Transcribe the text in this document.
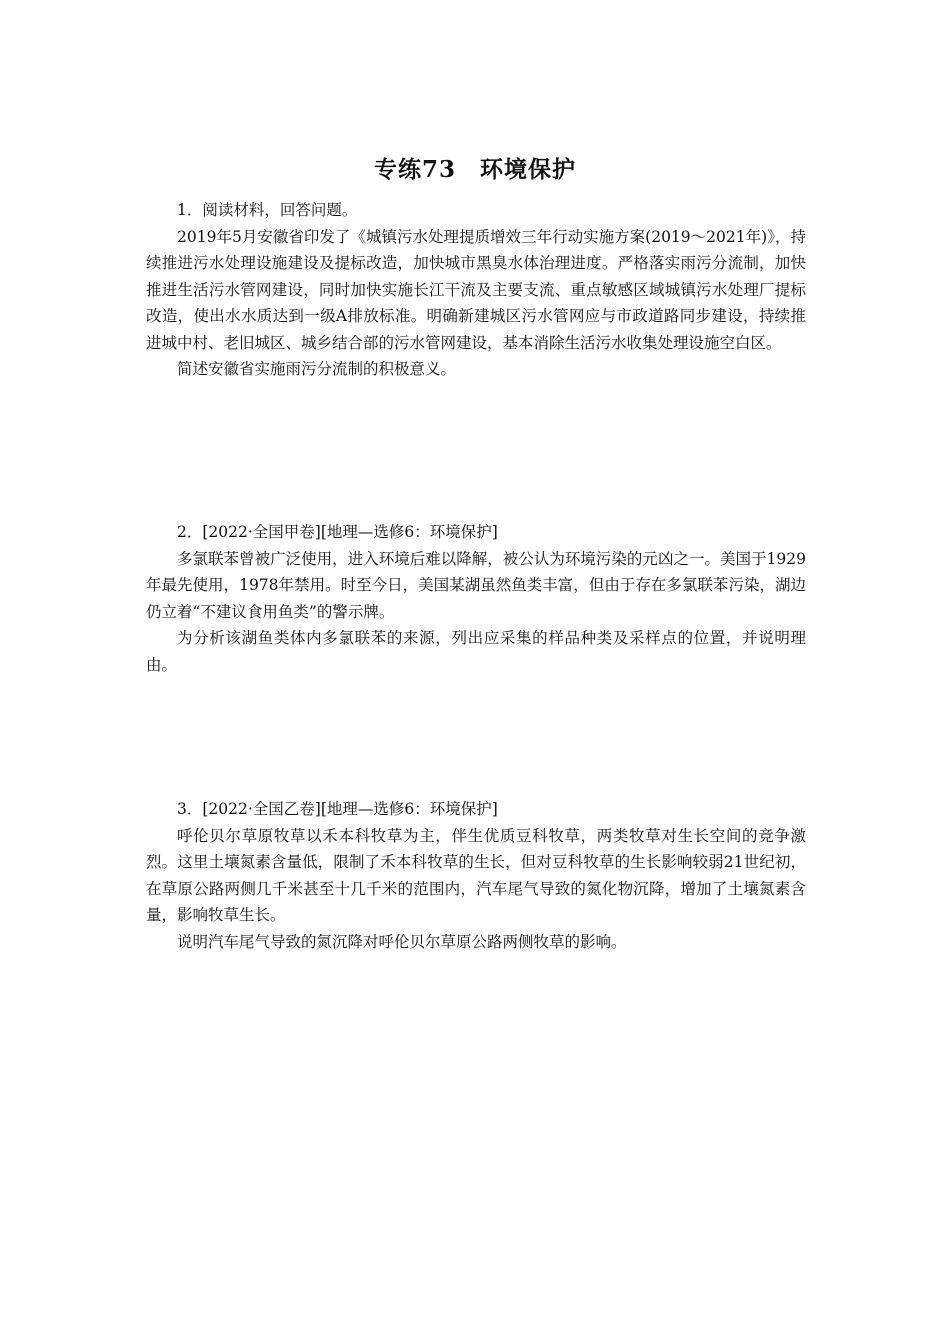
专练73　环境保护

1．阅读材料，回答问题。

2019年5月安徽省印发了《城镇污水处理提质增效三年行动实施方案(2019～2021年)》，持续推进污水处理设施建设及提标改造，加快城市黑臭水体治理进度。严格落实雨污分流制，加快推进生活污水管网建设，同时加快实施长江干流及主要支流、重点敏感区域城镇污水处理厂提标改造，使出水水质达到一级A排放标准。明确新建城区污水管网应与市政道路同步建设，持续推进城中村、老旧城区、城乡结合部的污水管网建设，基本消除生活污水收集处理设施空白区。

简述安徽省实施雨污分流制的积极意义。

2．[2022·全国甲卷][地理—选修6：环境保护]

多氯联苯曾被广泛使用，进入环境后难以降解，被公认为环境污染的元凶之一。美国于1929年最先使用，1978年禁用。时至今日，美国某湖虽然鱼类丰富，但由于存在多氯联苯污染，湖边仍立着“不建议食用鱼类”的警示牌。

为分析该湖鱼类体内多氯联苯的来源，列出应采集的样品种类及采样点的位置，并说明理由。

3．[2022·全国乙卷][地理—选修6：环境保护]

呼伦贝尔草原牧草以禾本科牧草为主，伴生优质豆科牧草，两类牧草对生长空间的竞争激烈。这里土壤氮素含量低，限制了禾本科牧草的生长，但对豆科牧草的生长影响较弱21世纪初，在草原公路两侧几千米甚至十几千米的范围内，汽车尾气导致的氮化物沉降，增加了土壤氮素含量，影响牧草生长。

说明汽车尾气导致的氮沉降对呼伦贝尔草原公路两侧牧草的影响。
